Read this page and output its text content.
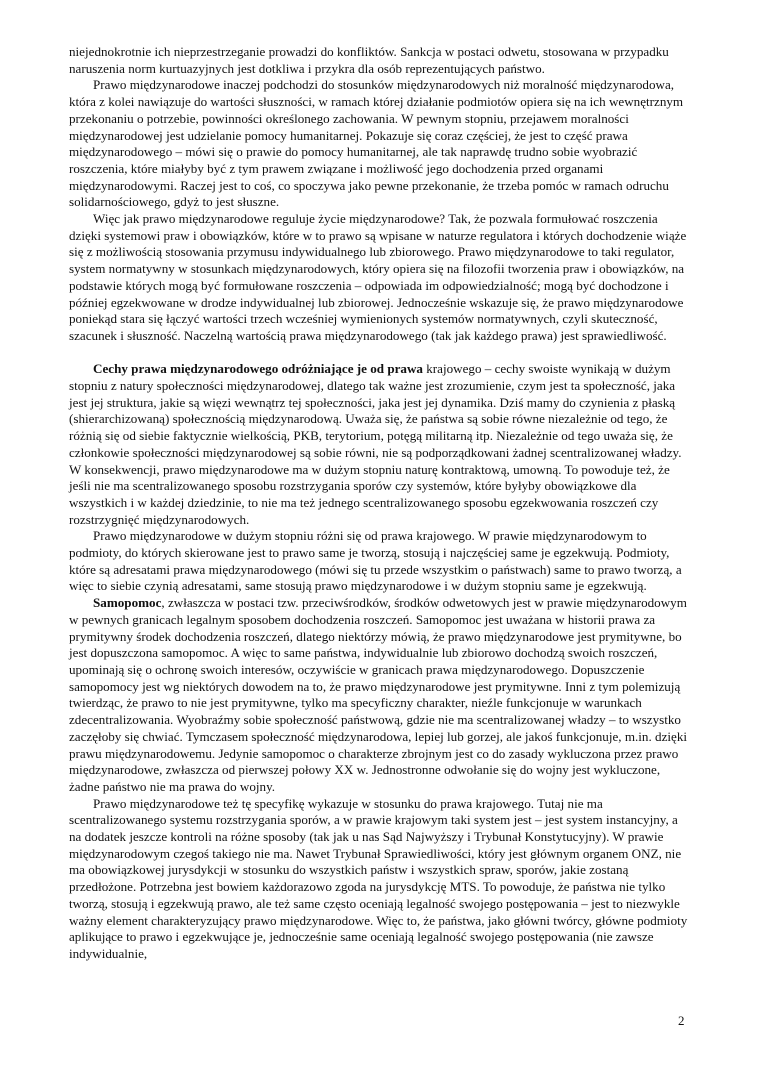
niejednokrotnie ich nieprzestrzeganie prowadzi do konfliktów. Sankcja w postaci odwetu, stosowana w przypadku naruszenia norm kurtuazyjnych jest dotkliwa i przykra dla osób reprezentujących państwo.

Prawo międzynarodowe inaczej podchodzi do stosunków międzynarodowych niż moralność międzynarodowa, która z kolei nawiązuje do wartości słuszności, w ramach której działanie podmiotów opiera się na ich wewnętrznym przekonaniu o potrzebie, powinności określonego zachowania. W pewnym stopniu, przejawem moralności międzynarodowej jest udzielanie pomocy humanitarnej. Pokazuje się coraz częściej, że jest to część prawa międzynarodowego – mówi się o prawie do pomocy humanitarnej, ale tak naprawdę trudno sobie wyobrazić roszczenia, które miałyby być z tym prawem związane i możliwość jego dochodzenia przed organami międzynarodowymi. Raczej jest to coś, co spoczywa jako pewne przekonanie, że trzeba pomóc w ramach odruchu solidarnościowego, gdyż to jest słuszne.

Więc jak prawo międzynarodowe reguluje życie międzynarodowe? Tak, że pozwala formułować roszczenia dzięki systemowi praw i obowiązków, które w to prawo są wpisane w naturze regulatora i których dochodzenie wiąże się z możliwością stosowania przymusu indywidualnego lub zbiorowego. Prawo międzynarodowe to taki regulator, system normatywny w stosunkach międzynarodowych, który opiera się na filozofii tworzenia praw i obowiązków, na podstawie których mogą być formułowane roszczenia – odpowiada im odpowiedzialność; mogą być dochodzone i później egzekwowane w drodze indywidualnej lub zbiorowej. Jednocześnie wskazuje się, że prawo międzynarodowe poniekąd stara się łączyć wartości trzech wcześniej wymienionych systemów normatywnych, czyli skuteczność, szacunek i słuszność. Naczelną wartością prawa międzynarodowego (tak jak każdego prawa) jest sprawiedliwość.

Cechy prawa międzynarodowego odróżniające je od prawa krajowego – cechy swoiste wynikają w dużym stopniu z natury społeczności międzynarodowej, dlatego tak ważne jest zrozumienie, czym jest ta społeczność, jaka jest jej struktura, jakie są więzi wewnątrz tej społeczności, jaka jest jej dynamika. Dziś mamy do czynienia z płaską (shierarchizowaną) społecznością międzynarodową. Uważa się, że państwa są sobie równe niezależnie od tego, że różnią się od siebie faktycznie wielkością, PKB, terytorium, potęgą militarną itp. Niezależnie od tego uważa się, że członkowie społeczności międzynarodowej są sobie równi, nie są podporządkowani żadnej scentralizowanej władzy. W konsekwencji, prawo międzynarodowe ma w dużym stopniu naturę kontraktową, umowną. To powoduje też, że jeśli nie ma scentralizowanego sposobu rozstrzygania sporów czy systemów, które byłyby obowiązkowe dla wszystkich i w każdej dziedzinie, to nie ma też jednego scentralizowanego sposobu egzekwowania roszczeń czy rozstrzygnięć międzynarodowych.

Prawo międzynarodowe w dużym stopniu różni się od prawa krajowego. W prawie międzynarodowym to podmioty, do których skierowane jest to prawo same je tworzą, stosują i najczęściej same je egzekwują. Podmioty, które są adresatami prawa międzynarodowego (mówi się tu przede wszystkim o państwach) same to prawo tworzą, a więc to siebie czynią adresatami, same stosują prawo międzynarodowe i w dużym stopniu same je egzekwują.

Samopomoc, zwłaszcza w postaci tzw. przeciwśrodków, środków odwetowych jest w prawie międzynarodowym w pewnych granicach legalnym sposobem dochodzenia roszczeń. Samopomoc jest uważana w historii prawa za prymitywny środek dochodzenia roszczeń, dlatego niektórzy mówią, że prawo międzynarodowe jest prymitywne, bo jest dopuszczona samopomoc. A więc to same państwa, indywidualnie lub zbiorowo dochodzą swoich roszczeń, upominają się o ochronę swoich interesów, oczywiście w granicach prawa międzynarodowego. Dopuszczenie samopomocy jest wg niektórych dowodem na to, że prawo międzynarodowe jest prymitywne. Inni z tym polemizują twierdząc, że prawo to nie jest prymitywne, tylko ma specyficzny charakter, nieźle funkcjonuje w warunkach zdecentralizowania. Wyobraźmy sobie społeczność państwową, gdzie nie ma scentralizowanej władzy – to wszystko zaczęłoby się chwiać. Tymczasem społeczność międzynarodowa, lepiej lub gorzej, ale jakoś funkcjonuje, m.in. dzięki prawu międzynarodowemu. Jedynie samopomoc o charakterze zbrojnym jest co do zasady wykluczona przez prawo międzynarodowe, zwłaszcza od pierwszej połowy XX w. Jednostronne odwołanie się do wojny jest wykluczone, żadne państwo nie ma prawa do wojny.

Prawo międzynarodowe też tę specyfikę wykazuje w stosunku do prawa krajowego. Tutaj nie ma scentralizowanego systemu rozstrzygania sporów, a w prawie krajowym taki system jest – jest system instancyjny, a na dodatek jeszcze kontroli na różne sposoby (tak jak u nas Sąd Najwyższy i Trybunał Konstytucyjny). W prawie międzynarodowym czegoś takiego nie ma. Nawet Trybunał Sprawiedliwości, który jest głównym organem ONZ, nie ma obowiązkowej jurysdykcji w stosunku do wszystkich państw i wszystkich spraw, sporów, jakie zostaną przedłożone. Potrzebna jest bowiem każdorazowo zgoda na jurysdykcję MTS. To powoduje, że państwa nie tylko tworzą, stosują i egzekwują prawo, ale też same często oceniają legalność swojego postępowania – jest to niezwykle ważny element charakteryzujący prawo międzynarodowe. Więc to, że państwa, jako główni twórcy, główne podmioty aplikujące to prawo i egzekwujące je, jednocześnie same oceniają legalność swojego postępowania (nie zawsze indywidualnie,

2
